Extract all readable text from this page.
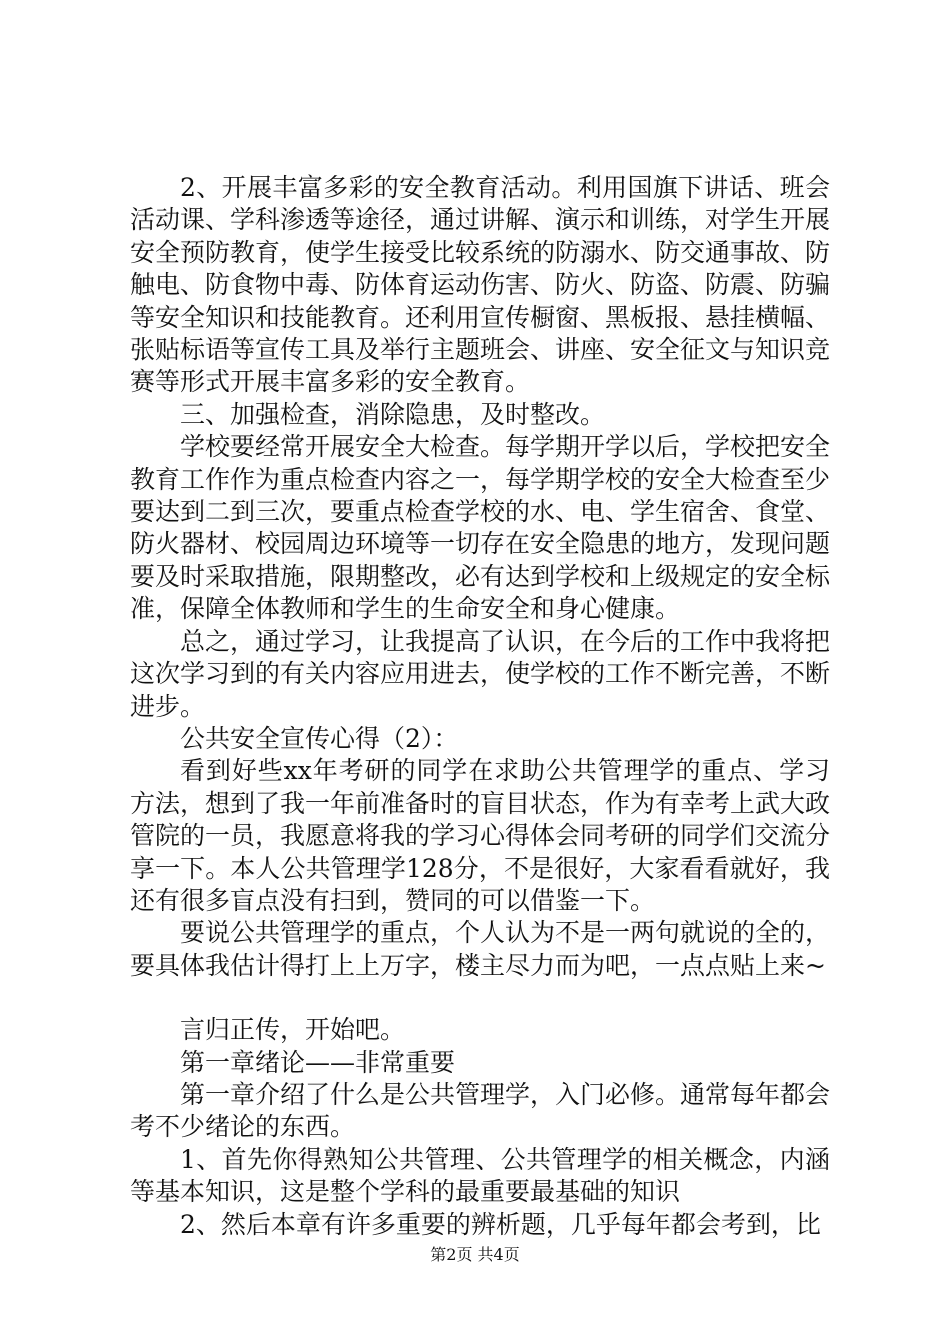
2、开展丰富多彩的安全教育活动。利用国旗下讲话、班会活动课、学科渗透等途径，通过讲解、演示和训练，对学生开展安全预防教育，使学生接受比较系统的防溺水、防交通事故、防触电、防食物中毒、防体育运动伤害、防火、防盗、防震、防骗等安全知识和技能教育。还利用宣传橱窗、黑板报、悬挂横幅、张贴标语等宣传工具及举行主题班会、讲座、安全征文与知识竞赛等形式开展丰富多彩的安全教育。

三、加强检查，消除隐患，及时整改。

学校要经常开展安全大检查。每学期开学以后，学校把安全教育工作作为重点检查内容之一，每学期学校的安全大检查至少要达到二到三次，要重点检查学校的水、电、学生宿舍、食堂、防火器材、校园周边环境等一切存在安全隐患的地方，发现问题要及时采取措施，限期整改，必有达到学校和上级规定的安全标准，保障全体教师和学生的生命安全和身心健康。

总之，通过学习，让我提高了认识，在今后的工作中我将把这次学习到的有关内容应用进去，使学校的工作不断完善，不断进步。

公共安全宣传心得（2）：

看到好些xx年考研的同学在求助公共管理学的重点、学习方法，想到了我一年前准备时的盲目状态，作为有幸考上武大政管院的一员，我愿意将我的学习心得体会同考研的同学们交流分享一下。本人公共管理学128分，不是很好，大家看看就好，我还有很多盲点没有扫到，赞同的可以借鉴一下。

要说公共管理学的重点，个人认为不是一两句就说的全的，要具体我估计得打上上万字，楼主尽力而为吧，一点点贴上来~

言归正传，开始吧。

第一章绪论——非常重要

第一章介绍了什么是公共管理学，入门必修。通常每年都会考不少绪论的东西。

1、首先你得熟知公共管理、公共管理学的相关概念，内涵等基本知识，这是整个学科的最重要最基础的知识

2、然后本章有许多重要的辨析题，几乎每年都会考到，比

第2页 共4页
